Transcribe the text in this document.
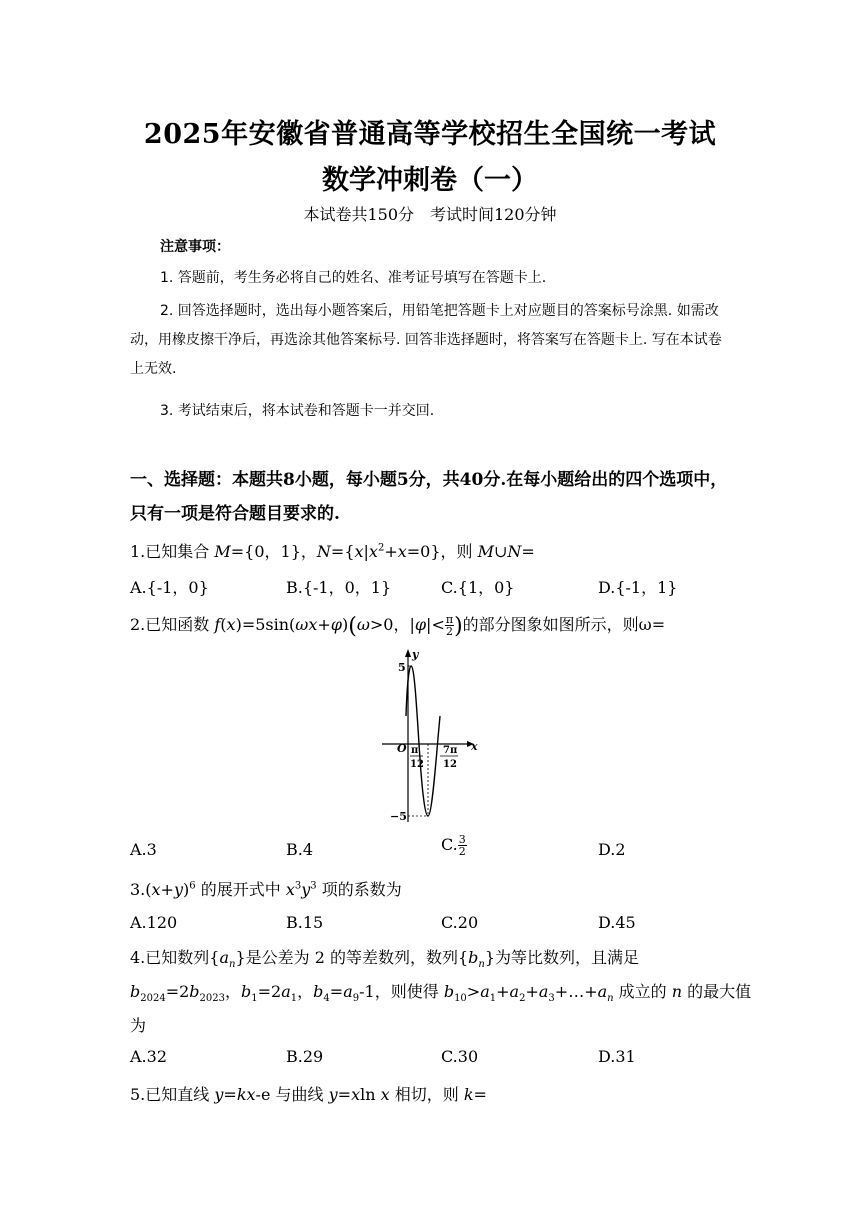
2025年安徽省普通高等学校招生全国统一考试
数学冲刺卷（一）
本试卷共150分　考试时间120分钟
注意事项：
1. 答题前，考生务必将自己的姓名、准考证号填写在答题卡上.
2. 回答选择题时，选出每小题答案后，用铅笔把答题卡上对应题目的答案标号涂黑. 如需改动，用橡皮擦干净后，再选涂其他答案标号. 回答非选择题时，将答案写在答题卡上. 写在本试卷上无效.
3. 考试结束后，将本试卷和答题卡一并交回.
一、选择题：本题共8小题，每小题5分，共40分.在每小题给出的四个选项中，只有一项是符合题目要求的.
1.已知集合 M={0，1}，$N=\{x|x^2+x=0\}$，则 M∪N=
A.{-1，0}	B.{-1，0，1}	C.{1，0}	D.{-1，1}
2.已知函数 f(x)=5sin(ωx+φ)(ω>0，$|\varphi|< \frac{\pi}{2}$ )的部分图象如图所示，则ω=
y
x
O
5
−5
π
12
7π
12
A.3	B.4	C. $\frac{3}{2}$	D.2
$3.(x+y)^6$ 的展开式中 $x^3y^3$ 项的系数为
A.120	B.15	C.20	D.45
4.已知数列$\{a_n\}$是公差为 2 的等差数列，数列$\{b_n\}$为等比数列，且满足
$b_{2024}=2b_{2023}$，$b_1=2a_1$，$b_4=a_9-1$，则使得 $b_{10}>a_1+a_2+a_3+\dots+a_n$ 成立的 n 的最大值
为
A.32	B.29	C.30	D.31
5.已知直线 y=kx-e 与曲线 y=xln x 相切，则 k=
